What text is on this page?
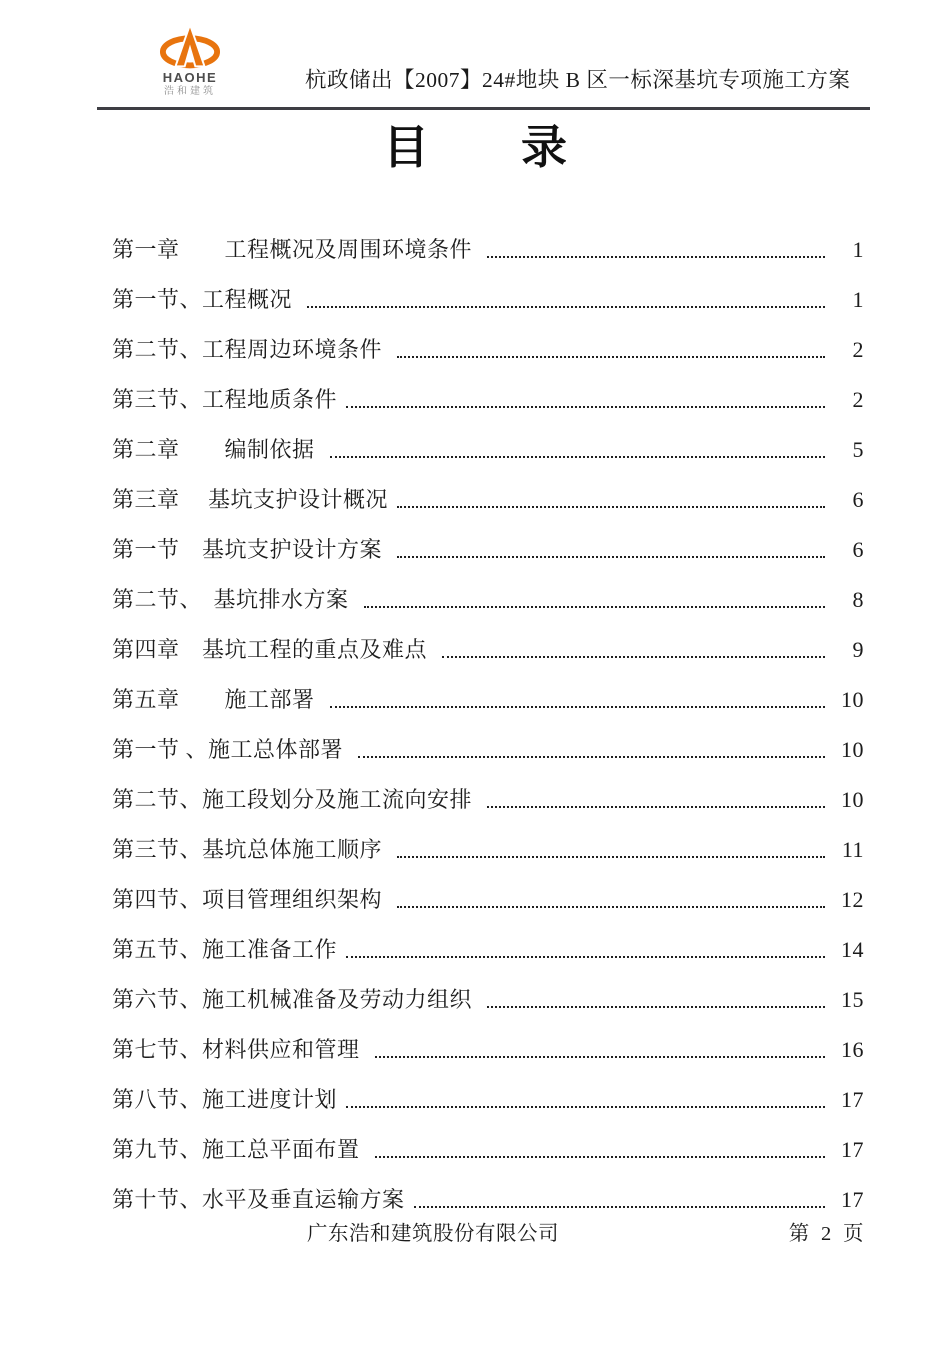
HAOHE
浩和建筑	杭政储出【2007】24#地块 B 区一标深基坑专项施工方案
目　　录
第一章　　工程概况及周围环境条件	1
第一节、工程概况	1
第二节、工程周边环境条件	2
第三节、工程地质条件	2
第二章　　编制依据	5
第三章　 基坑支护设计概况	6
第一节　基坑支护设计方案	6
第二节、　基坑排水方案	8
第四章　基坑工程的重点及难点	9
第五章　　施工部署	10
第一节 、施工总体部署	10
第二节、施工段划分及施工流向安排	10
第三节、基坑总体施工顺序	11
第四节、项目管理组织架构	12
第五节、施工准备工作	14
第六节、施工机械准备及劳动力组织	15
第七节、材料供应和管理	16
第八节、施工进度计划	17
第九节、施工总平面布置	17
第十节、水平及垂直运输方案	17
广东浩和建筑股份有限公司	第  2  页
